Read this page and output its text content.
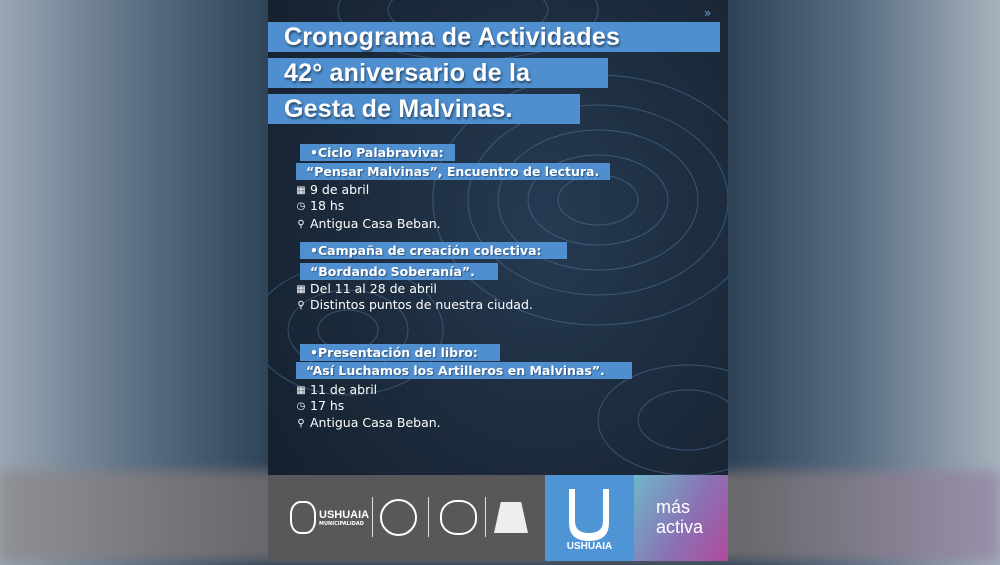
»
Cronograma de Actividades
42° aniversario de la
Gesta de Malvinas.
•Ciclo Palabraviva:
“Pensar Malvinas”, Encuentro de lectura.
▦ 9 de abril
◷ 18 hs
⚲ Antigua Casa Beban.
•Campaña de creación colectiva:
“Bordando Soberanía”.
▦ Del 11 al 28 de abril
⚲ Distintos puntos de nuestra ciudad.
•Presentación del libro:
“Así Luchamos los Artilleros en Malvinas”.
▦ 11 de abril
◷ 17 hs
⚲ Antigua Casa Beban.
USHUAIA
MUNICIPALIDAD
USHUAIA
más
activa
